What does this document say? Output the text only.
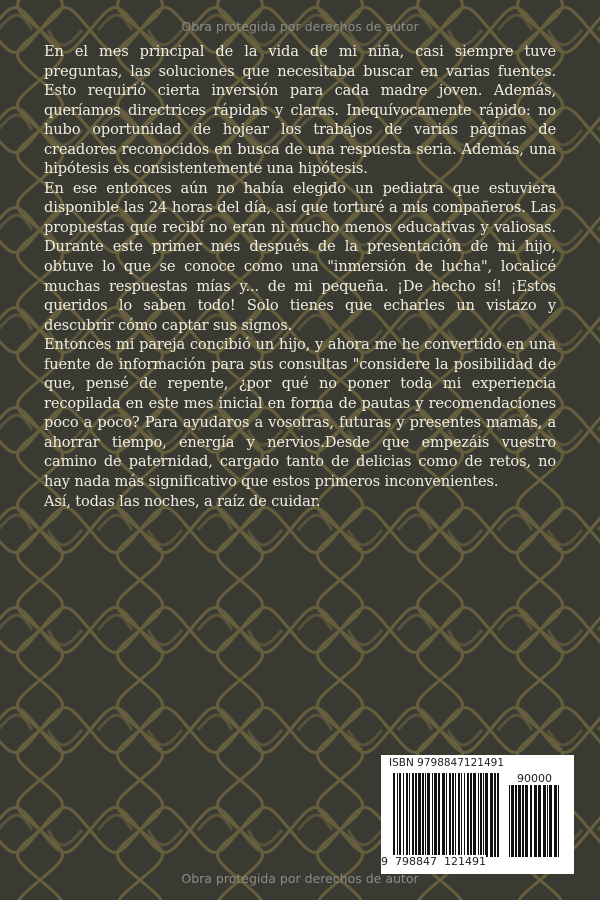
Obra protegida por derechos de autor

En el mes principal de la vida de mi niña, casi siempre tuve preguntas, las soluciones que necesitaba buscar en varias fuentes. Esto requirió cierta inversión para cada madre joven. Además, queríamos directrices rápidas y claras. Inequívocamente rápido: no hubo oportunidad de hojear los trabajos de varias páginas de creadores reconocidos en busca de una respuesta seria. Además, una hipótesis es consistentemente una hipótesis.

En ese entonces aún no había elegido un pediatra que estuviera disponible las 24 horas del día, así que torturé a mis compañeros. Las propuestas que recibí no eran ni mucho menos educativas y valiosas. Durante este primer mes después de la presentación de mi hijo, obtuve lo que se conoce como una "inmersión de lucha", localicé muchas respuestas mías y... de mi pequeña. ¡De hecho sí! ¡Estos queridos lo saben todo! Solo tienes que echarles un vistazo y descubrir cómo captar sus signos.

Entonces mi pareja concibió un hijo, y ahora me he convertido en una fuente de información para sus consultas "considere la posibilidad de que, pensé de repente, ¿por qué no poner toda mi experiencia recopilada en este mes inicial en forma de pautas y recomendaciones poco a poco? Para ayudaros a vosotras, futuras y presentes mamás, a ahorrar tiempo, energía y nervios.Desde que empezáis vuestro camino de paternidad, cargado tanto de delicias como de retos, no hay nada más significativo que estos primeros inconvenientes.

Así, todas las noches, a raíz de cuidar.

ISBN 9798847121491
90000
9 798847 121491
Obra protegida por derechos de autor
